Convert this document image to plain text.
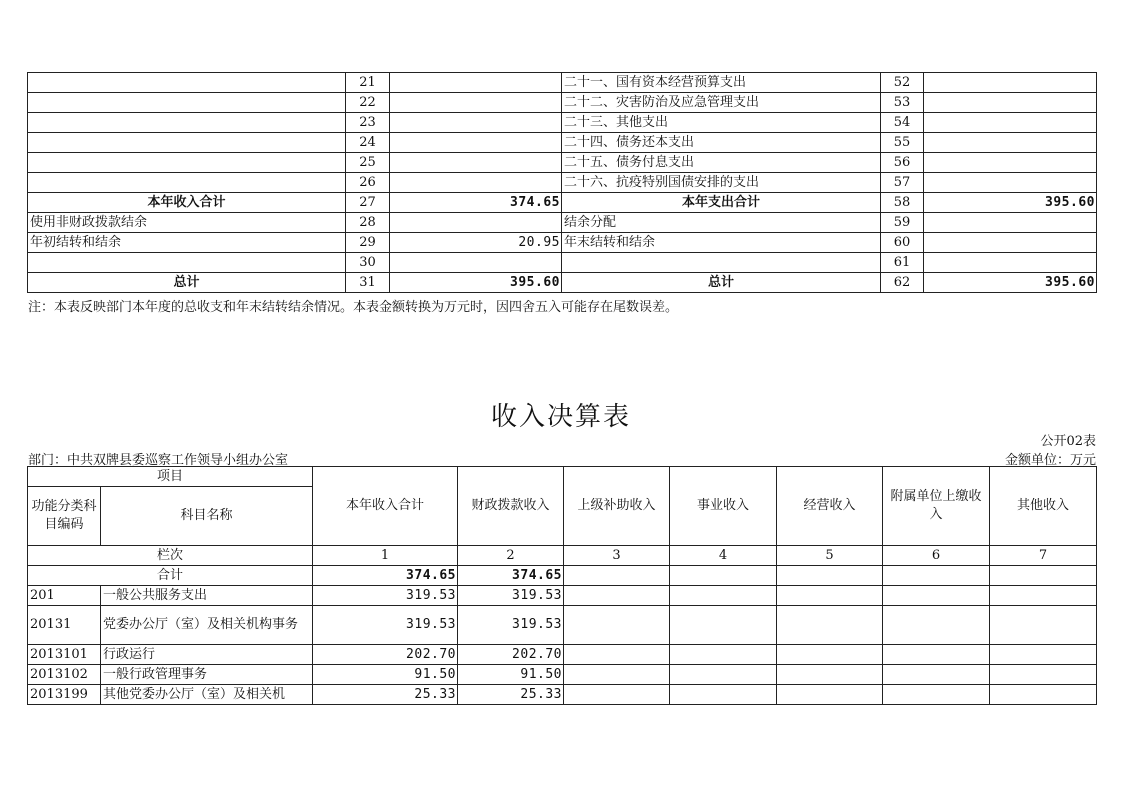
	21		二十一、国有资本经营预算支出	52	
	22		二十二、灾害防治及应急管理支出	53	
	23		二十三、其他支出	54	
	24		二十四、债务还本支出	55	
	25		二十五、债务付息支出	56	
	26		二十六、抗疫特别国债安排的支出	57	
本年收入合计	27	374.65	本年支出合计	58	395.60
使用非财政拨款结余	28		结余分配	59	
年初结转和结余	29	20.95	年末结转和结余	60	
	30			61	
总计	31	395.60	总计	62	395.60
注：本表反映部门本年度的总收支和年末结转结余情况。本表金额转换为万元时，因四舍五入可能存在尾数误差。
收入决算表
公开02表
部门：中共双牌县委巡察工作领导小组办公室	金额单位：万元
项目		本年收入合计	财政拨款收入	上级补助收入	事业收入	经营收入	附属单位上缴收入	其他收入
功能分类科目编码	科目名称							
栏次		1	2	3	4	5	6	7
合计		374.65	374.65					
201	一般公共服务支出	319.53	319.53					
20131	党委办公厅（室）及相关机构事务	319.53	319.53					
2013101	行政运行	202.70	202.70					
2013102	一般行政管理事务	91.50	91.50					
2013199	其他党委办公厅（室）及相关机	25.33	25.33					
